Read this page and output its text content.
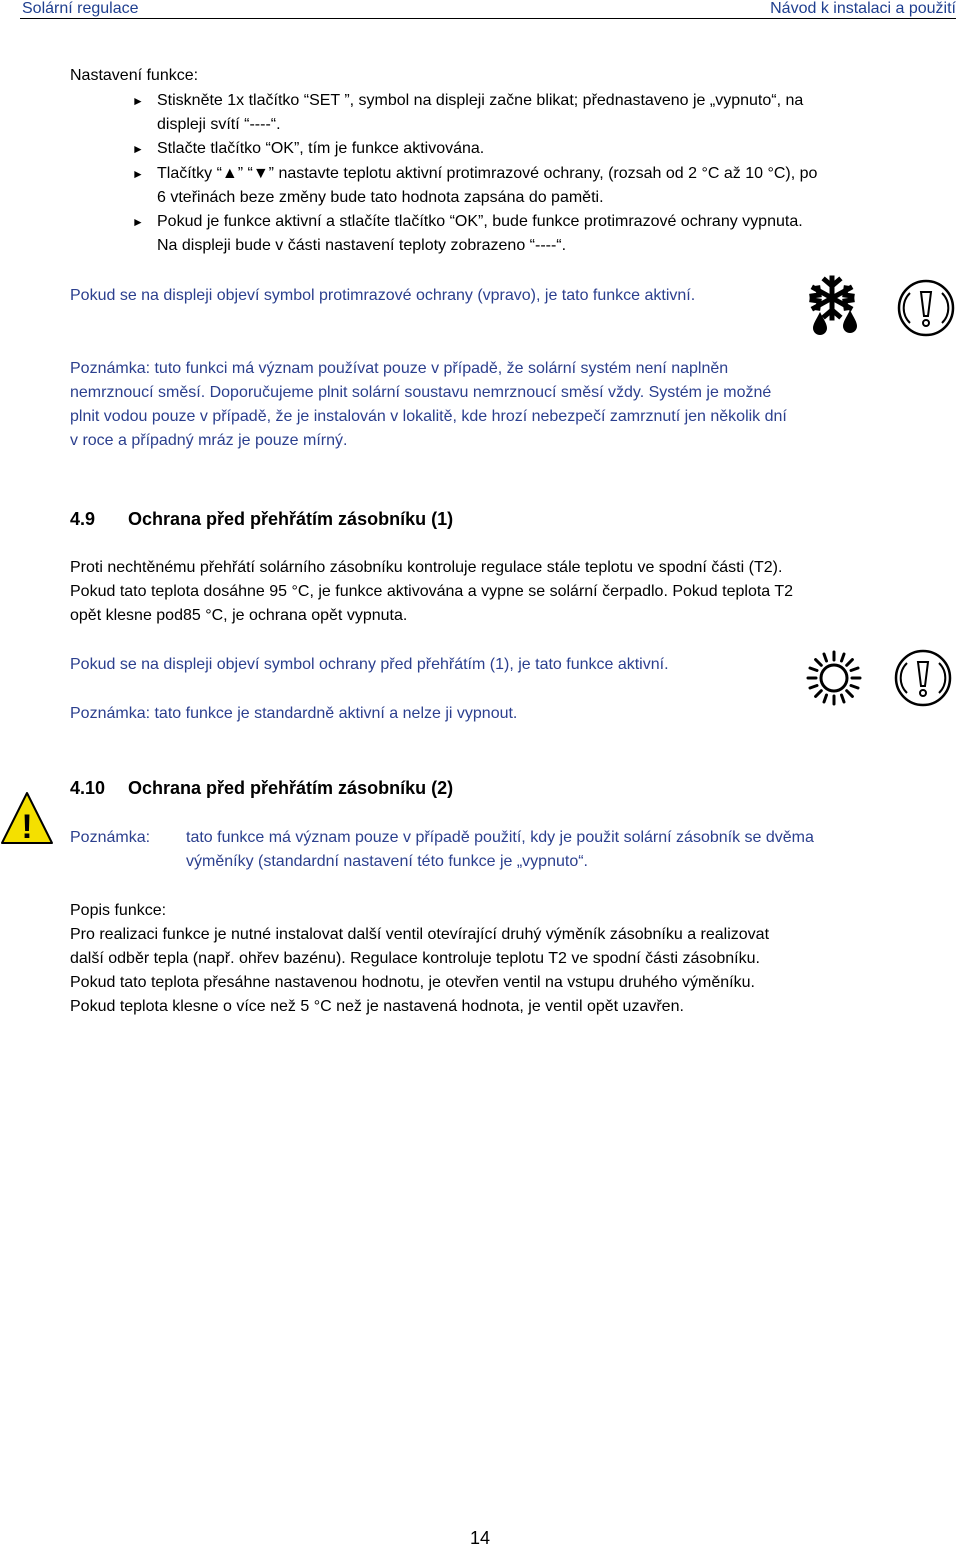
Solární regulace	Návod k instalaci a použití
Nastavení funkce:
► Stiskněte 1x tlačítko “SET ”, symbol na displeji začne blikat; přednastaveno je „vypnuto“, na
displeji svítí “----“.
► Stlačte tlačítko “OK”, tím je funkce aktivována.
► Tlačítky “▲” “▼” nastavte teplotu aktivní protimrazové ochrany, (rozsah od 2 °C až 10 °C), po
6 vteřinách beze změny bude tato hodnota zapsána do paměti.
► Pokud je funkce aktivní a stlačíte tlačítko “OK”, bude funkce protimrazové ochrany vypnuta.
Na displeji bude v části nastavení teploty zobrazeno “----“.
Pokud se na displeji objeví symbol protimrazové ochrany (vpravo), je tato funkce aktivní.
Poznámka: tuto funkci má význam používat pouze v případě, že solární systém není naplněn
nemrznoucí směsí. Doporučujeme plnit solární soustavu nemrznoucí směsí vždy. Systém je možné
plnit vodou pouze v případě, že je instalován v lokalitě, kde hrozí nebezpečí zamrznutí jen několik dní
v roce a případný mráz je pouze mírný.
4.9 Ochrana před přehřátím zásobníku (1)
Proti nechtěnému přehřátí solárního zásobníku kontroluje regulace stále teplotu ve spodní části (T2).
Pokud tato teplota dosáhne 95 °C, je funkce aktivována a vypne se solární čerpadlo. Pokud teplota T2
opět klesne pod85 °C, je ochrana opět vypnuta.
Pokud se na displeji objeví symbol ochrany před přehřátím (1), je tato funkce aktivní.
Poznámka: tato funkce je standardně aktivní a nelze ji vypnout.
4.10 Ochrana před přehřátím zásobníku (2)
! Poznámka: tato funkce má význam pouze v případě použití, kdy je použit solární zásobník se dvěma
výměníky (standardní nastavení této funkce je „vypnuto“.
Popis funkce:
Pro realizaci funkce je nutné instalovat další ventil otevírající druhý výměník zásobníku a realizovat
další odběr tepla (např. ohřev bazénu). Regulace kontroluje teplotu T2 ve spodní části zásobníku.
Pokud tato teplota přesáhne nastavenou hodnotu, je otevřen ventil na vstupu druhého výměníku.
Pokud teplota klesne o více než 5 °C než je nastavená hodnota, je ventil opět uzavřen.
14
